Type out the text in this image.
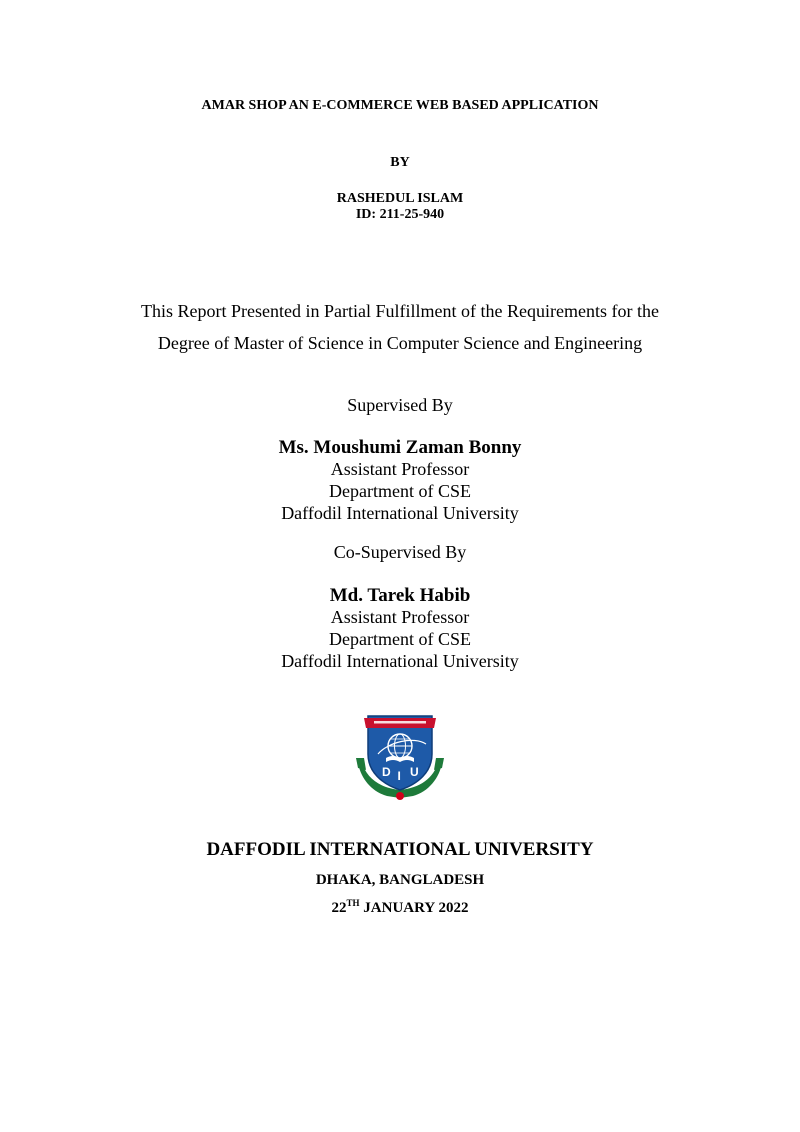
AMAR SHOP AN E-COMMERCE WEB BASED APPLICATION
BY
RASHEDUL ISLAM
ID: 211-25-940
This Report Presented in Partial Fulfillment of the Requirements for the
Degree of Master of Science in Computer Science and Engineering
Supervised By
Ms. Moushumi Zaman Bonny
Assistant Professor
Department of CSE
Daffodil International University
Co-Supervised By
Md. Tarek Habib
Assistant Professor
Department of CSE
Daffodil International University
D I U
DAFFODIL INTERNATIONAL UNIVERSITY
DHAKA, BANGLADESH
22TH JANUARY 2022
